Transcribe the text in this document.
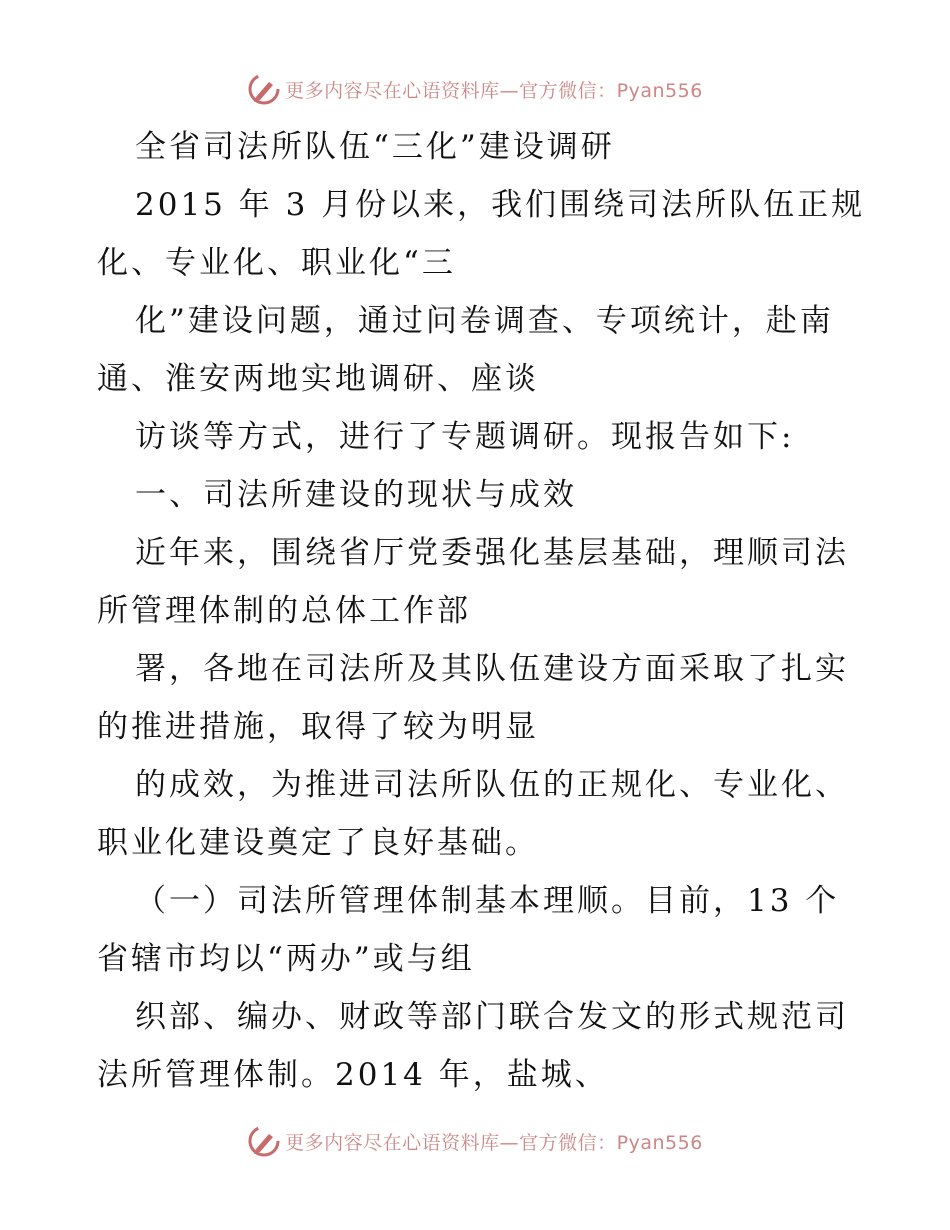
更多内容尽在心语资料库—官方微信：Pyan556
全省司法所队伍“三化”建设调研
2015 年 3 月份以来，我们围绕司法所队伍正规
化、专业化、职业化“三
化”建设问题，通过问卷调查、专项统计，赴南
通、淮安两地实地调研、座谈
访谈等方式，进行了专题调研。现报告如下:
一、司法所建设的现状与成效
近年来，围绕省厅党委强化基层基础，理顺司法
所管理体制的总体工作部
署，各地在司法所及其队伍建设方面采取了扎实
的推进措施，取得了较为明显
的成效，为推进司法所队伍的正规化、专业化、
职业化建设奠定了良好基础。
（一）司法所管理体制基本理顺。目前，13 个
省辖市均以“两办”或与组
织部、编办、财政等部门联合发文的形式规范司
法所管理体制。2014 年，盐城、
更多内容尽在心语资料库—官方微信：Pyan556
